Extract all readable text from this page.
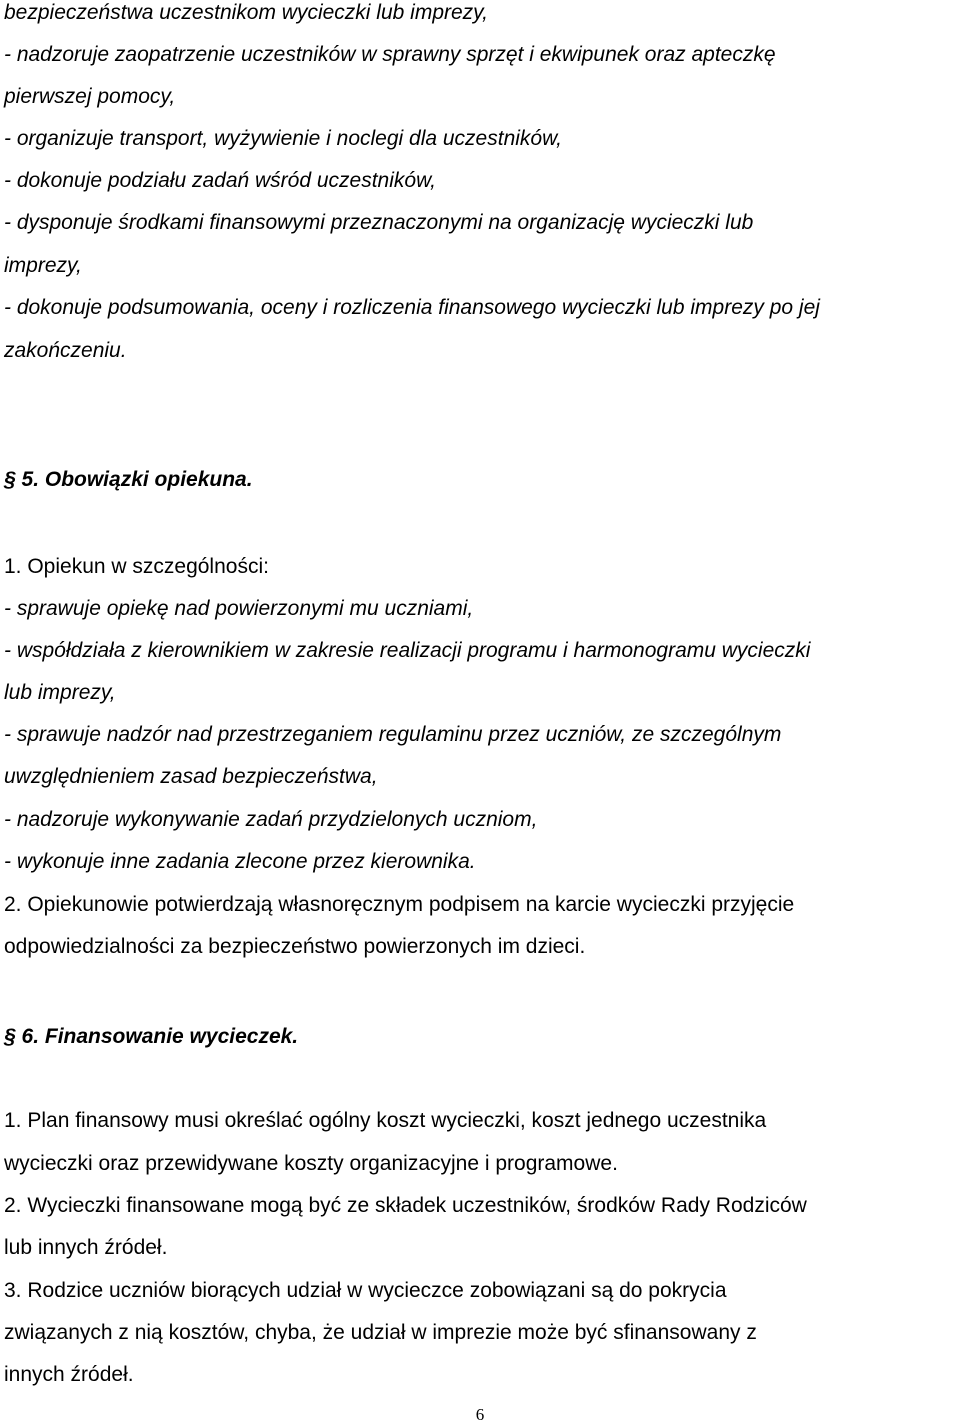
bezpieczeństwa uczestnikom wycieczki lub imprezy,

- nadzoruje zaopatrzenie uczestników w sprawny sprzęt i ekwipunek oraz apteczkę

pierwszej pomocy,

- organizuje transport, wyżywienie i noclegi dla uczestników,

- dokonuje podziału zadań wśród uczestników,

- dysponuje środkami finansowymi przeznaczonymi na organizację wycieczki lub

imprezy,

- dokonuje podsumowania, oceny i rozliczenia finansowego wycieczki lub imprezy po jej

zakończeniu.

§ 5. Obowiązki opiekuna.

1. Opiekun w szczególności:

- sprawuje opiekę nad powierzonymi mu uczniami,

- współdziała z kierownikiem w zakresie realizacji programu i harmonogramu wycieczki

lub imprezy,

- sprawuje nadzór nad przestrzeganiem regulaminu przez uczniów, ze szczególnym

uwzględnieniem zasad bezpieczeństwa,

- nadzoruje wykonywanie zadań przydzielonych uczniom,

- wykonuje inne zadania zlecone przez kierownika.

2. Opiekunowie potwierdzają własnoręcznym podpisem na karcie wycieczki przyjęcie

odpowiedzialności za bezpieczeństwo powierzonych im dzieci.

§ 6. Finansowanie wycieczek.

1. Plan finansowy musi określać ogólny koszt wycieczki, koszt jednego uczestnika

wycieczki oraz przewidywane koszty organizacyjne i programowe.

2. Wycieczki finansowane mogą być ze składek uczestników, środków Rady Rodziców

lub innych źródeł.

3. Rodzice uczniów biorących udział w wycieczce zobowiązani są do pokrycia

związanych z nią kosztów, chyba, że udział w imprezie może być sfinansowany z

innych źródeł.

6
